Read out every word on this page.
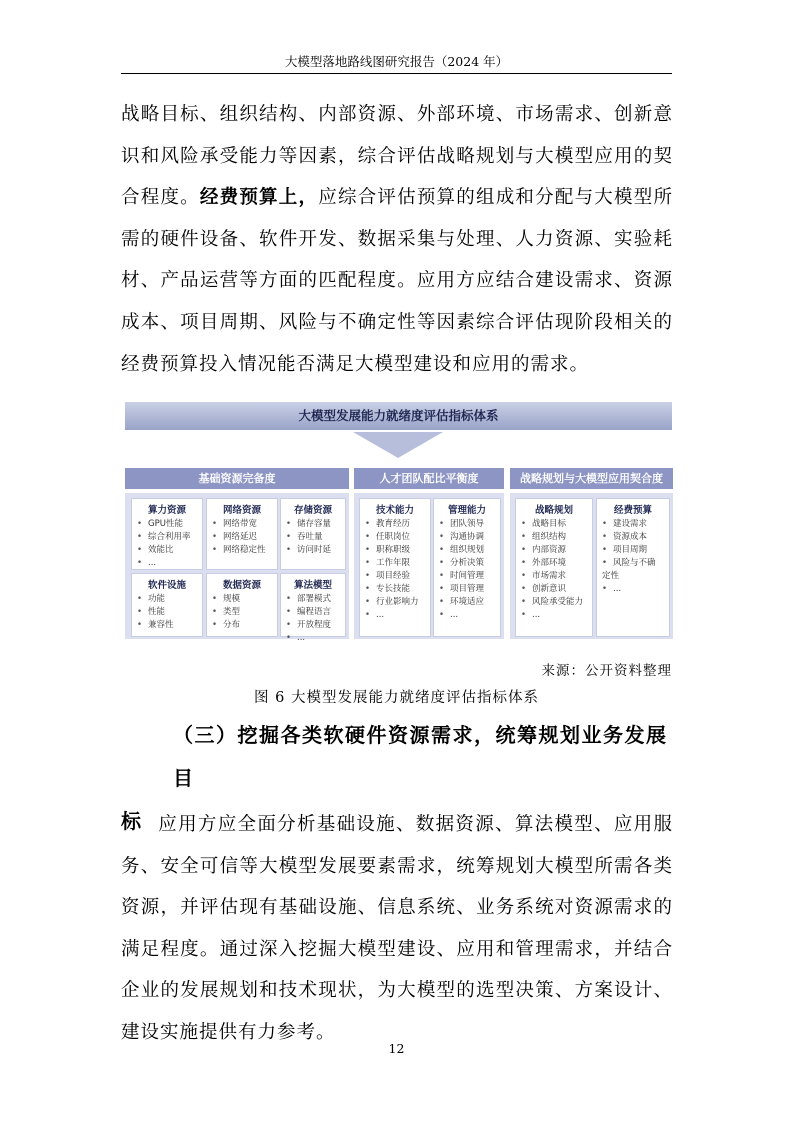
大模型落地路线图研究报告（2024 年）
战略目标、组织结构、内部资源、外部环境、市场需求、创新意识和风险承受能力等因素，综合评估战略规划与大模型应用的契合程度。经费预算上，应综合评估预算的组成和分配与大模型所需的硬件设备、软件开发、数据采集与处理、人力资源、实验耗材、产品运营等方面的匹配程度。应用方应结合建设需求、资源成本、项目周期、风险与不确定性等因素综合评估现阶段相关的经费预算投入情况能否满足大模型建设和应用的需求。
大模型发展能力就绪度评估指标体系
基础资源完备度	人才团队配比平衡度	战略规划与大模型应用契合度
算力资源
• GPU性能
• 综合利用率
• 效能比
• ...
网络资源
• 网络带宽
• 网络延迟
• 网络稳定性
存储资源
• 储存容量
• 吞吐量
• 访问时延
软件设施
• 功能
• 性能
• 兼容性
数据资源
• 规模
• 类型
• 分布
算法模型
• 部署模式
• 编程语言
• 开放程度
• ...
技术能力
• 教育经历
• 任职岗位
• 职称职级
• 工作年限
• 项目经验
• 专长技能
• 行业影响力
• ...
管理能力
• 团队领导
• 沟通协调
• 组织规划
• 分析决策
• 时间管理
• 项目管理
• 环境适应
• ...
战略规划
• 战略目标
• 组织结构
• 内部资源
• 外部环境
• 市场需求
• 创新意识
• 风险承受能力
• ...
经费预算
• 建设需求
• 资源成本
• 项目周期
• 风险与不确定性
• ...
来源：公开资料整理
图 6 大模型发展能力就绪度评估指标体系
（三）挖掘各类软硬件资源需求，统筹规划业务发展目
标 应用方应全面分析基础设施、数据资源、算法模型、应用服务、安全可信等大模型发展要素需求，统筹规划大模型所需各类资源，并评估现有基础设施、信息系统、业务系统对资源需求的满足程度。通过深入挖掘大模型建设、应用和管理需求，并结合企业的发展规划和技术现状，为大模型的选型决策、方案设计、建设实施提供有力参考。
12
